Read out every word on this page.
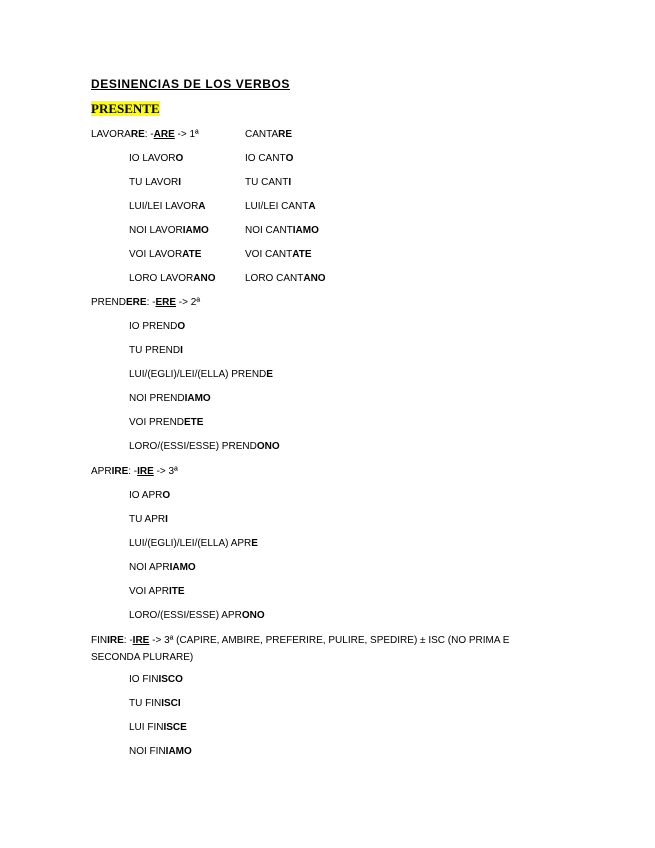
DESINENCIAS DE LOS VERBOS
PRESENTE
LAVORARE: -ARE -> 1ª	CANTARE
IO LAVORO	IO CANTO
TU LAVORI	TU CANTI
LUI/LEI LAVORA	LUI/LEI CANTA
NOI LAVORIAMO	NOI CANTIAMO
VOI LAVORATE	VOI CANTATE
LORO LAVORANO	LORO CANTANO
PRENDERE: -ERE -> 2ª
IO PRENDO
TU PRENDI
LUI/(EGLI)/LEI/(ELLA) PRENDE
NOI PRENDIAMO
VOI PRENDETE
LORO/(ESSI/ESSE) PRENDONO
APRIRE: -IRE -> 3ª
IO APRO
TU APRI
LUI/(EGLI)/LEI/(ELLA) APRE
NOI APRIAMO
VOI APRITE
LORO/(ESSI/ESSE) APRONO
FINIRE: -IRE -> 3ª (CAPIRE, AMBIRE, PREFERIRE, PULIRE, SPEDIRE) ± ISC (NO PRIMA E SECONDA PLURARE)
IO FINISCO
TU FINISCI
LUI FINISCE
NOI FINIAMO
